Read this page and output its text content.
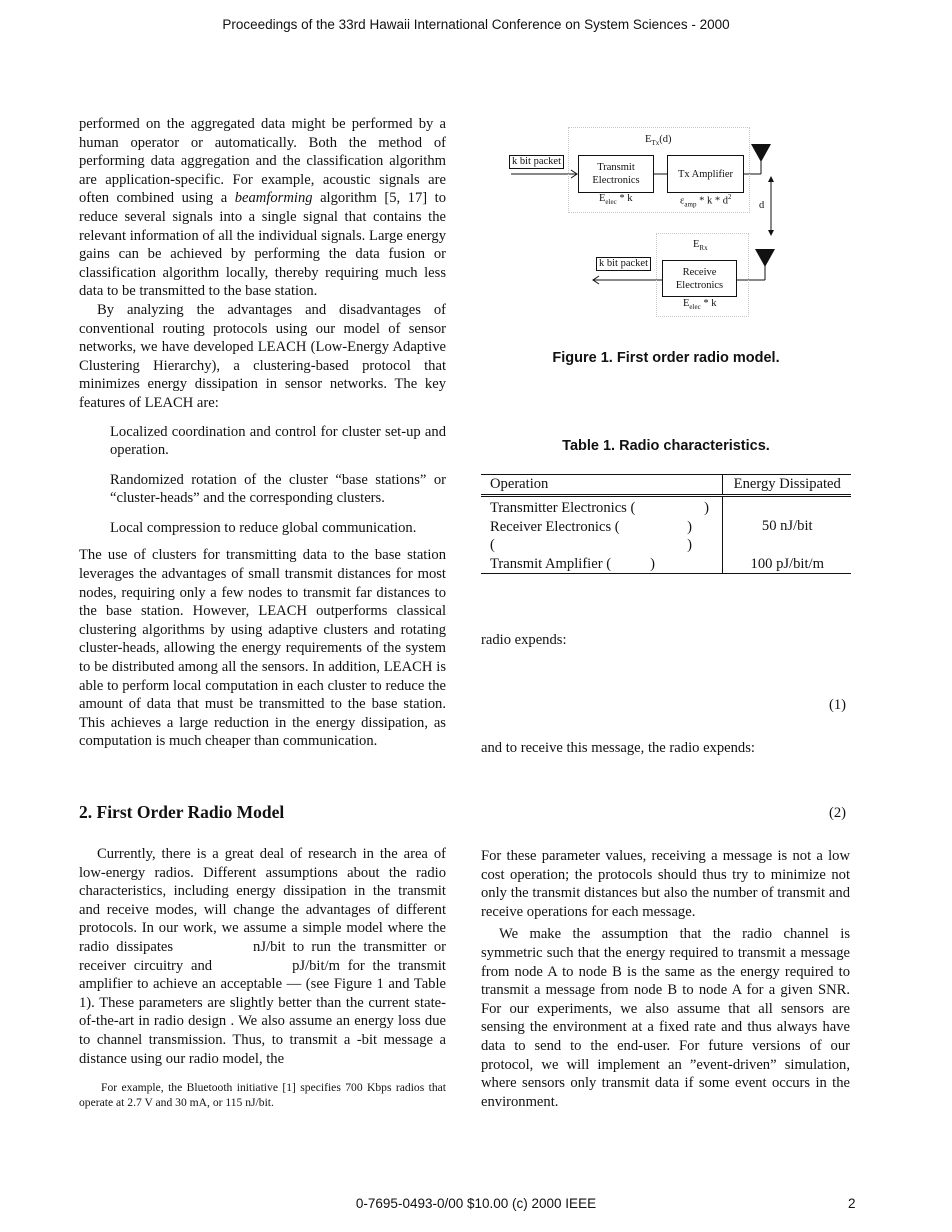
Proceedings of the 33rd Hawaii International Conference on System Sciences - 2000

performed on the aggregated data might be performed by a human operator or automatically. Both the method of performing data aggregation and the classification algorithm are application-specific. For example, acoustic signals are often combined using a beamforming algorithm [5, 17] to reduce several signals into a single signal that contains the relevant information of all the individual signals. Large energy gains can be achieved by performing the data fusion or classification algorithm locally, thereby requiring much less data to be transmitted to the base station.

By analyzing the advantages and disadvantages of conventional routing protocols using our model of sensor networks, we have developed LEACH (Low-Energy Adaptive Clustering Hierarchy), a clustering-based protocol that minimizes energy dissipation in sensor networks. The key features of LEACH are:

Localized coordination and control for cluster set-up and operation.

Randomized rotation of the cluster “base stations” or “cluster-heads” and the corresponding clusters.

Local compression to reduce global communication.

The use of clusters for transmitting data to the base station leverages the advantages of small transmit distances for most nodes, requiring only a few nodes to transmit far distances to the base station. However, LEACH outperforms classical clustering algorithms by using adaptive clusters and rotating cluster-heads, allowing the energy requirements of the system to be distributed among all the sensors. In addition, LEACH is able to perform local computation in each cluster to reduce the amount of data that must be transmitted to the base station. This achieves a large reduction in the energy dissipation, as computation is much cheaper than communication.

2. First Order Radio Model

Currently, there is a great deal of research in the area of low-energy radios. Different assumptions about the radio characteristics, including energy dissipation in the transmit and receive modes, will change the advantages of different protocols. In our work, we assume a simple model where the radio dissipates	nJ/bit to run the transmitter or receiver circuitry and	pJ/bit/m for the transmit amplifier to achieve an acceptable — (see Figure 1 and Table 1). These parameters are slightly better than the current state-of-the-art in radio design . We also assume an energy loss due to channel transmission. Thus, to transmit a -bit message a distance using our radio model, the

For example, the Bluetooth initiative [1] specifies 700 Kbps radios that operate at 2.7 V and 30 mA, or 115 nJ/bit.

$E_{Tx}(d)$
k bit packet
Transmit
Electronics
Tx Amplifier
$E_{elec}$ * k	$\varepsilon_{amp}$ * k * $d^2$
d
$E_{Rx}$
k bit packet
Receive
Electronics
$E_{elec}$ * k
Figure 1. First order radio model.
Table 1. Radio characteristics.
Operation	Energy Dissipated

Transmitter Electronics ( )	50 nJ/bit

Receiver Electronics ( )	

( )	

Transmit Amplifier ( )	100 pJ/bit/m
radio expends:
(1)
and to receive this message, the radio expends:
(2)

For these parameter values, receiving a message is not a low cost operation; the protocols should thus try to minimize not only the transmit distances but also the number of transmit and receive operations for each message.

We make the assumption that the radio channel is symmetric such that the energy required to transmit a message from node A to node B is the same as the energy required to transmit a message from node B to node A for a given SNR. For our experiments, we also assume that all sensors are sensing the environment at a fixed rate and thus always have data to send to the end-user. For future versions of our protocol, we will implement an ”event-driven” simulation, where sensors only transmit data if some event occurs in the environment.

0-7695-0493-0/00 $10.00 (c) 2000 IEEE	2
